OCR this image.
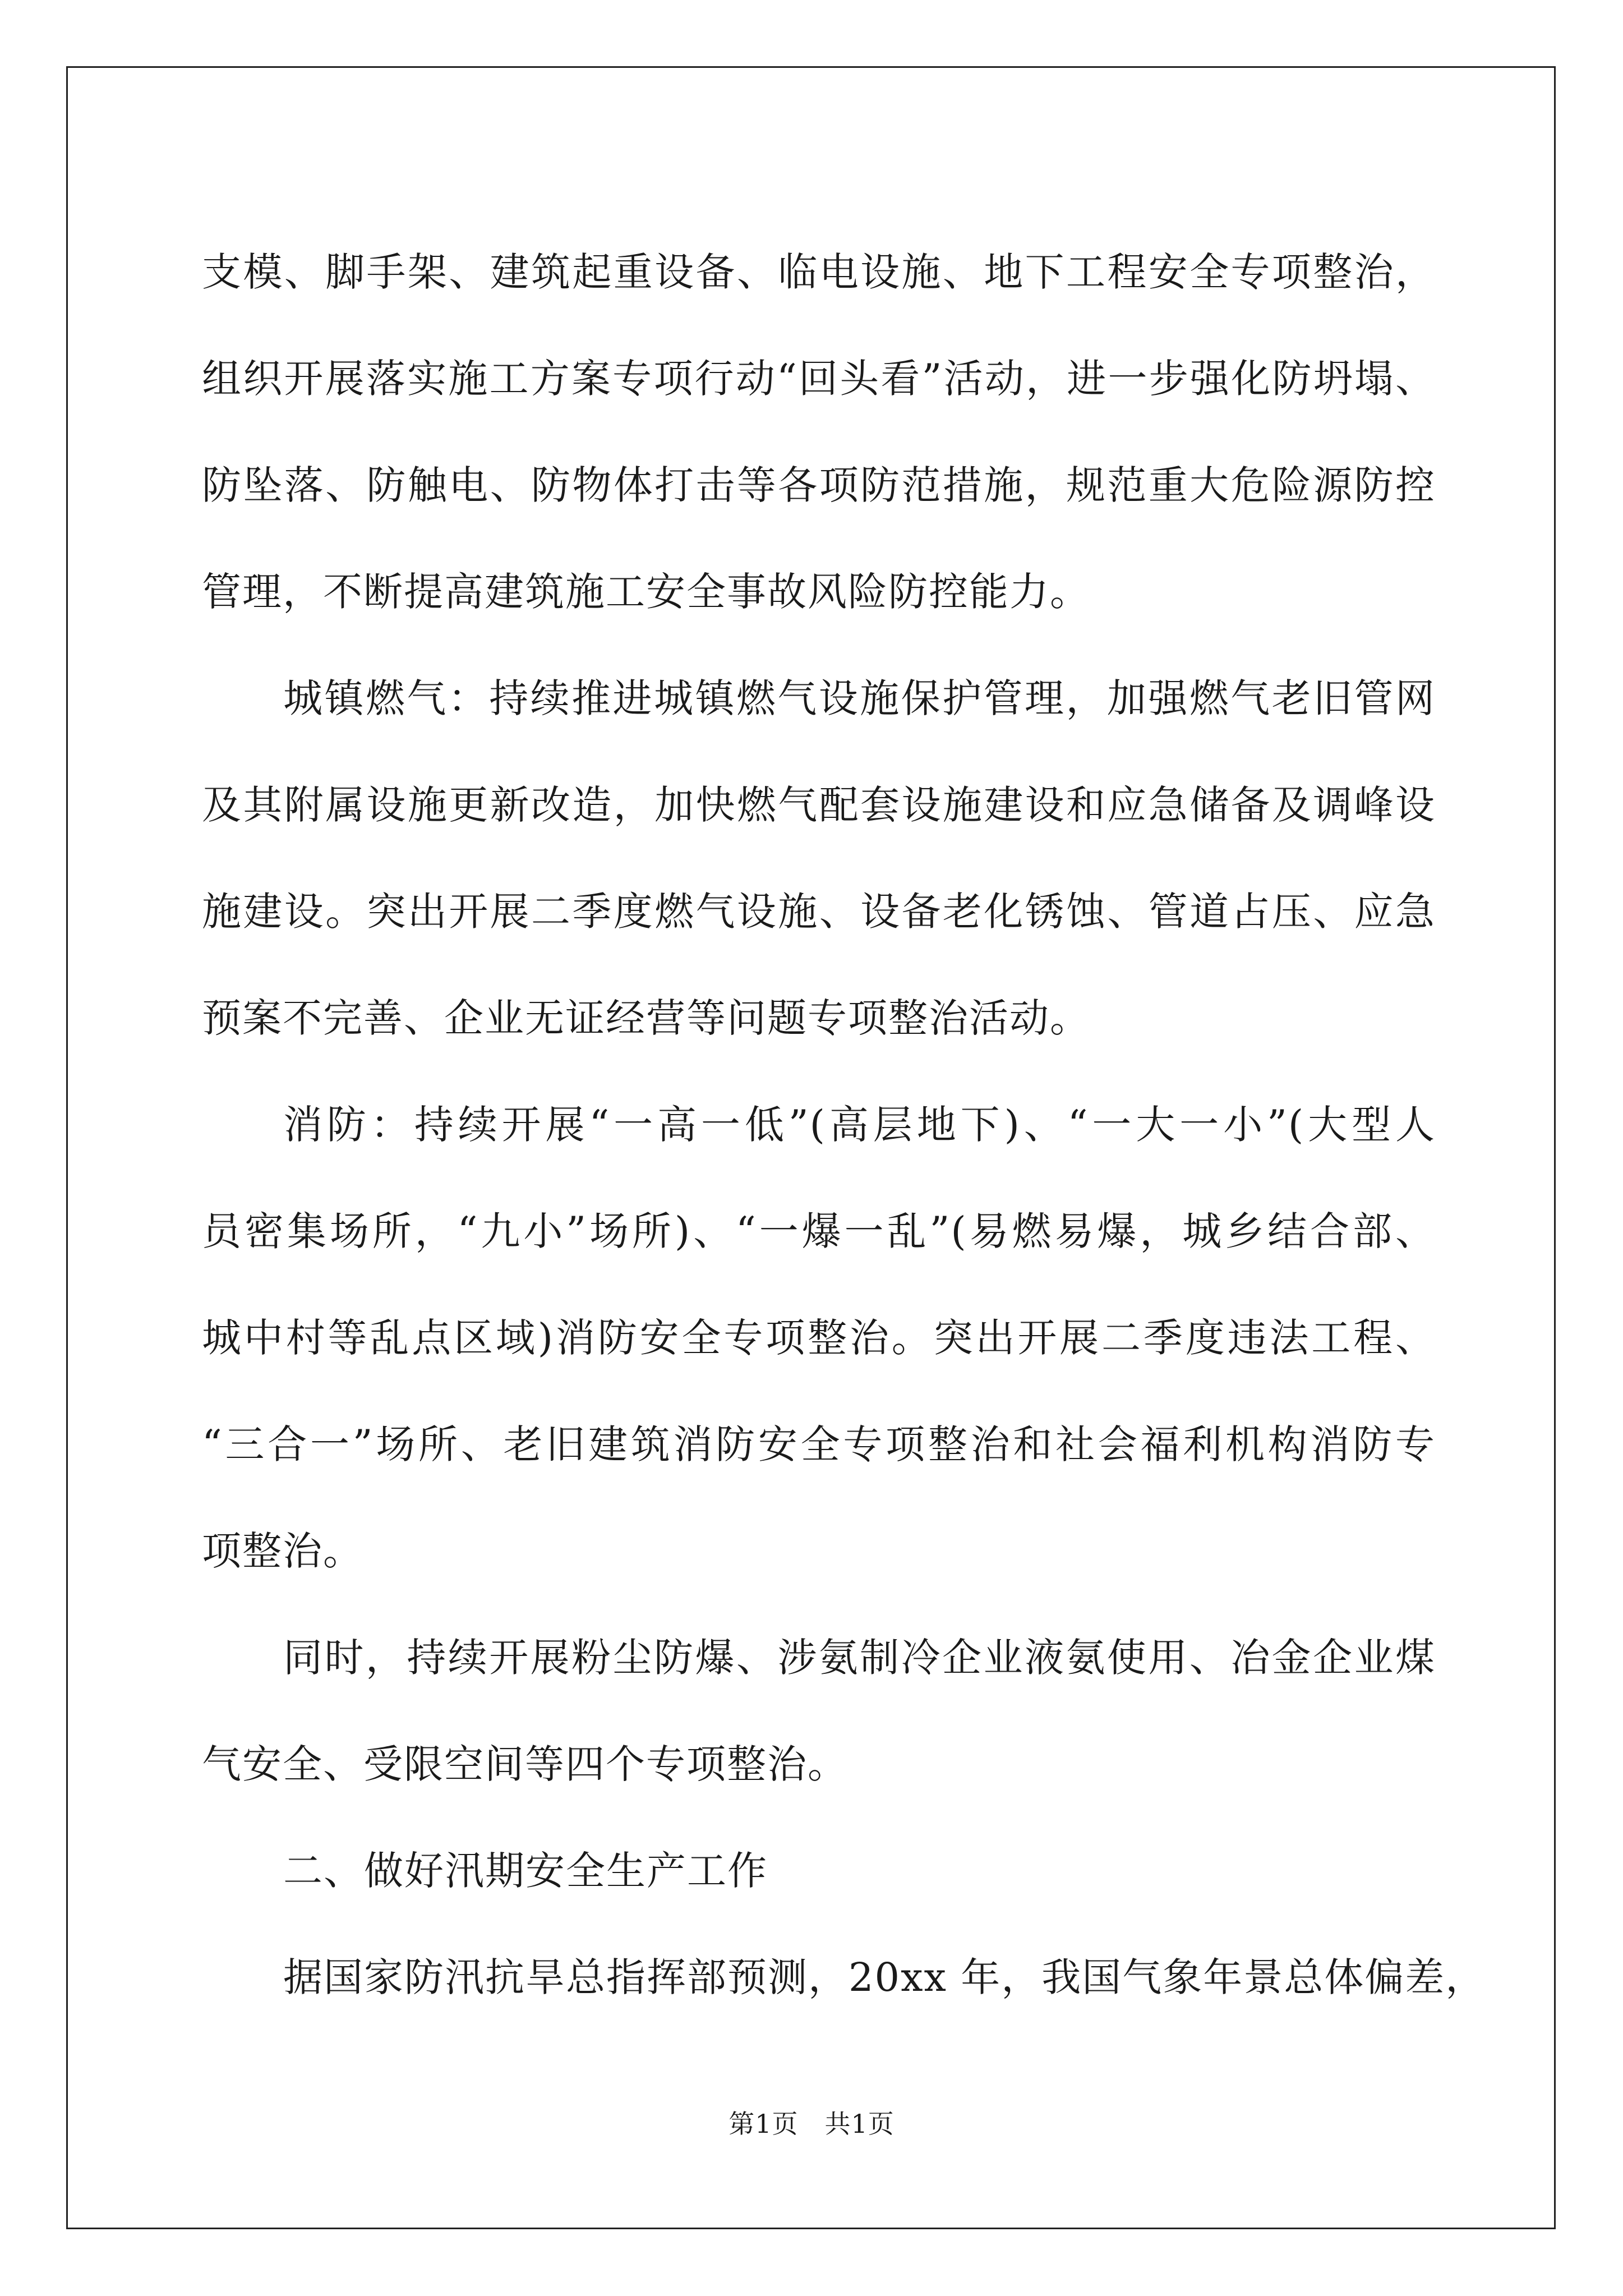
支模、脚手架、建筑起重设备、临电设施、地下工程安全专项整治，
组织开展落实施工方案专项行动“回头看”活动，进一步强化防坍塌、
防坠落、防触电、防物体打击等各项防范措施，规范重大危险源防控
管理，不断提高建筑施工安全事故风险防控能力。
城镇燃气：持续推进城镇燃气设施保护管理，加强燃气老旧管网
及其附属设施更新改造，加快燃气配套设施建设和应急储备及调峰设
施建设。突出开展二季度燃气设施、设备老化锈蚀、管道占压、应急
预案不完善、企业无证经营等问题专项整治活动。
消防：持续开展“一高一低”(高层地下)、“一大一小”(大型人
员密集场所，“九小”场所)、“一爆一乱”(易燃易爆，城乡结合部、
城中村等乱点区域)消防安全专项整治。突出开展二季度违法工程、
“三合一”场所、老旧建筑消防安全专项整治和社会福利机构消防专
项整治。
同时，持续开展粉尘防爆、涉氨制冷企业液氨使用、冶金企业煤
气安全、受限空间等四个专项整治。
二、做好汛期安全生产工作
据国家防汛抗旱总指挥部预测，20xx 年，我国气象年景总体偏差，
第1页　共1页
